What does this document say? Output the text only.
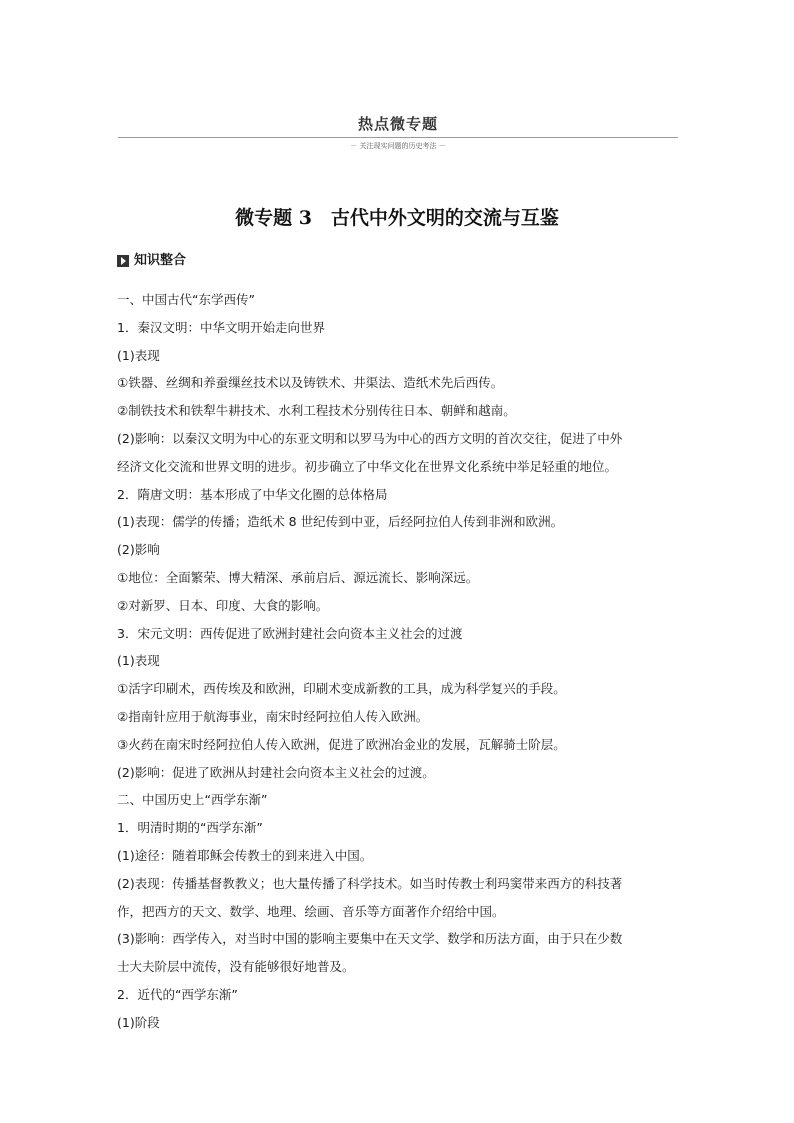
热点微专题
－ 关注现实问题的历史考法 －
微专题 3　古代中外文明的交流与互鉴
知识整合
一、中国古代“东学西传”
1．秦汉文明：中华文明开始走向世界
(1)表现
①铁器、丝绸和养蚕缫丝技术以及铸铁术、井渠法、造纸术先后西传。
②制铁技术和铁犁牛耕技术、水利工程技术分别传往日本、朝鲜和越南。
(2)影响：以秦汉文明为中心的东亚文明和以罗马为中心的西方文明的首次交往，促进了中外
经济文化交流和世界文明的进步。初步确立了中华文化在世界文化系统中举足轻重的地位。
2．隋唐文明：基本形成了中华文化圈的总体格局
(1)表现：儒学的传播；造纸术 8 世纪传到中亚，后经阿拉伯人传到非洲和欧洲。
(2)影响
①地位：全面繁荣、博大精深、承前启后、源远流长、影响深远。
②对新罗、日本、印度、大食的影响。
3．宋元文明：西传促进了欧洲封建社会向资本主义社会的过渡
(1)表现
①活字印刷术，西传埃及和欧洲，印刷术变成新教的工具，成为科学复兴的手段。
②指南针应用于航海事业，南宋时经阿拉伯人传入欧洲。
③火药在南宋时经阿拉伯人传入欧洲，促进了欧洲冶金业的发展，瓦解骑士阶层。
(2)影响：促进了欧洲从封建社会向资本主义社会的过渡。
二、中国历史上“西学东渐”
1．明清时期的“西学东渐”
(1)途径：随着耶稣会传教士的到来进入中国。
(2)表现：传播基督教教义；也大量传播了科学技术。如当时传教士利玛窦带来西方的科技著
作，把西方的天文、数学、地理、绘画、音乐等方面著作介绍给中国。
(3)影响：西学传入，对当时中国的影响主要集中在天文学、数学和历法方面，由于只在少数
士大夫阶层中流传，没有能够很好地普及。
2．近代的“西学东渐”
(1)阶段
